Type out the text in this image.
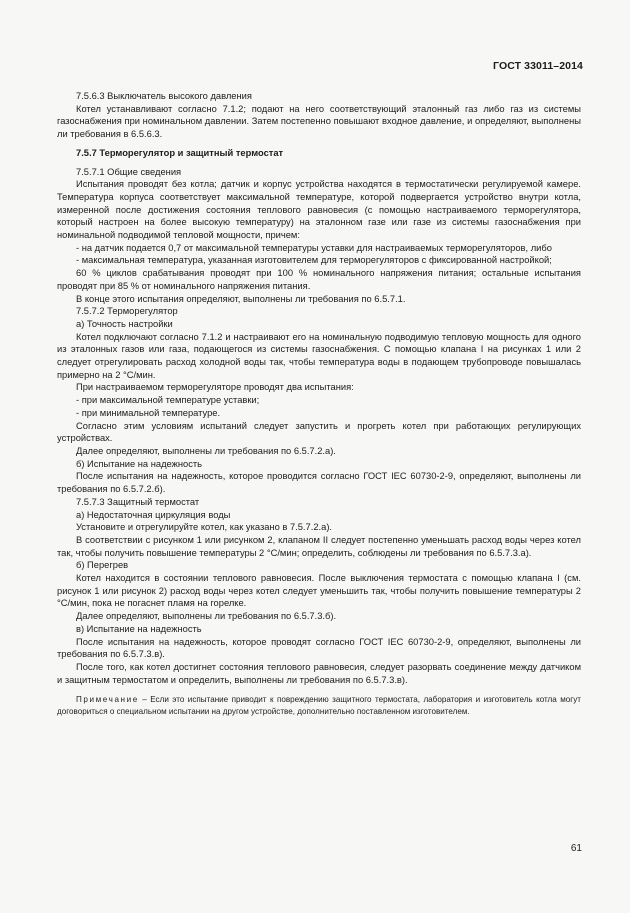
ГОСТ 33011–2014

7.5.6.3 Выключатель высокого давления

Котел устанавливают согласно 7.1.2; подают на него соответствующий эталонный газ либо газ из системы газоснабжения при номинальном давлении. Затем постепенно повышают входное давление, и определяют, выполнены ли требования в 6.5.6.3.

7.5.7 Терморегулятор и защитный термостат

7.5.7.1 Общие сведения

Испытания проводят без котла; датчик и корпус устройства находятся в термостатически регулируемой камере. Температура корпуса соответствует максимальной температуре, которой подвергается устройство внутри котла, измеренной после достижения состояния теплового равновесия (с помощью настраиваемого терморегулятора, который настроен на более высокую температуру) на эталонном газе или газе из системы газоснабжения при номинальной подводимой тепловой мощности, причем:

- на датчик подается 0,7 от максимальной температуры уставки для настраиваемых терморегуляторов, либо

- максимальная температура, указанная изготовителем для терморегуляторов с фиксированной настройкой;

60 % циклов срабатывания проводят при 100 % номинального напряжения питания; остальные испытания проводят при 85 % от номинального напряжения питания.

В конце этого испытания определяют, выполнены ли требования по 6.5.7.1.

7.5.7.2 Терморегулятор

а) Точность настройки

Котел подключают согласно 7.1.2 и настраивают его на номинальную подводимую тепловую мощность для одного из эталонных газов или газа, подающегося из системы газоснабжения. С помощью клапана I на рисунках 1 или 2 следует отрегулировать расход холодной воды так, чтобы температура воды в подающем трубопроводе повышалась примерно на 2 °C/мин.

При настраиваемом терморегуляторе проводят два испытания:

- при максимальной температуре уставки;

- при минимальной температуре.

Согласно этим условиям испытаний следует запустить и прогреть котел при работающих регулирующих устройствах.

Далее определяют, выполнены ли требования по 6.5.7.2.а).

б) Испытание на надежность

После испытания на надежность, которое проводится согласно ГОСТ IEC 60730-2-9, определяют, выполнены ли требования по 6.5.7.2.б).

7.5.7.3 Защитный термостат

а) Недостаточная циркуляция воды

Установите и отрегулируйте котел, как указано в 7.5.7.2.а).

В соответствии с рисунком 1 или рисунком 2, клапаном II следует постепенно уменьшать расход воды через котел так, чтобы получить повышение температуры 2 °C/мин; определить, соблюдены ли требования по 6.5.7.3.а).

б) Перегрев

Котел находится в состоянии теплового равновесия. После выключения термостата с помощью клапана I (см. рисунок 1 или рисунок 2) расход воды через котел следует уменьшить так, чтобы получить повышение температуры 2 °C/мин, пока не погаснет пламя на горелке.

Далее определяют, выполнены ли требования по 6.5.7.3.б).

в) Испытание на надежность

После испытания на надежность, которое проводят согласно ГОСТ IEC 60730-2-9, определяют, выполнены ли требования по 6.5.7.3.в).

После того, как котел достигнет состояния теплового равновесия, следует разорвать соединение между датчиком и защитным термостатом и определить, выполнены ли требования по 6.5.7.3.в).

Примечание – Если это испытание приводит к повреждению защитного термостата, лаборатория и изготовитель котла могут договориться о специальном испытании на другом устройстве, дополнительно поставленном изготовителем.

61
